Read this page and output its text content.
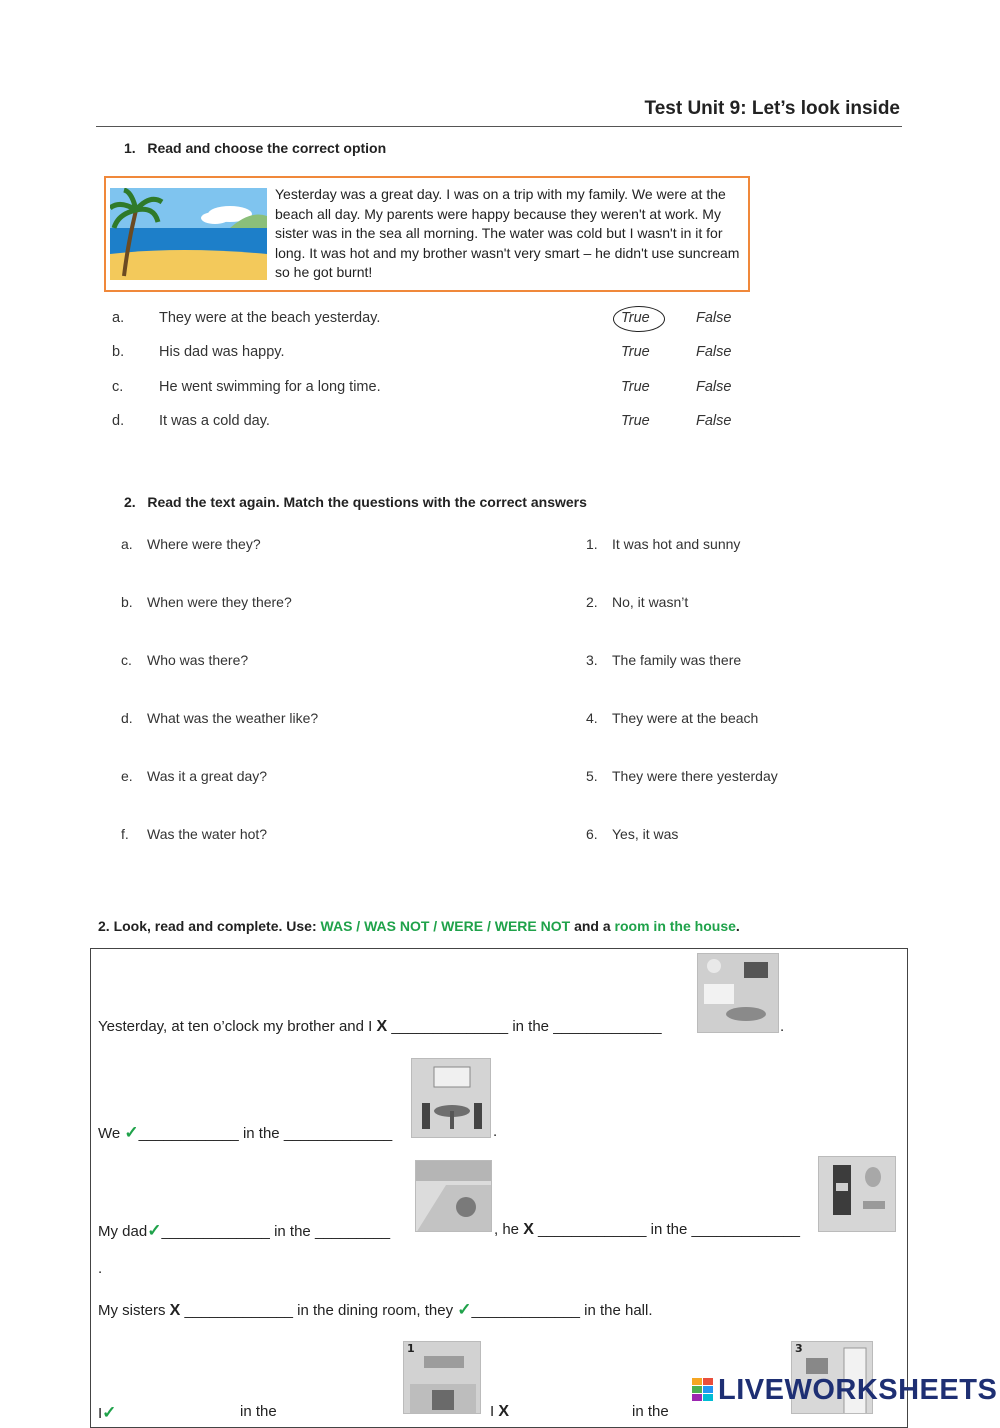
Test Unit 9: Let’s look inside
1.   Read and choose the correct option
Yesterday was a great day. I was on a trip with my family. We were at the beach all day. My parents were happy because they weren't at work. My sister was in the sea all morning. The water was cold but I wasn't in it for long. It was hot and my brother wasn't very smart – he didn't use suncream so he got burnt!
a. They were at the beach yesterday.	True	False
b. His dad was happy.	True	False
c. He went swimming for a long time.	True	False
d. It was a cold day.	True	False
2.   Read the text again. Match the questions with the correct answers
a. Where were they?	1. It was hot and sunny
b. When were they there?	2. No, it wasn’t
c. Who was there?	3. The family was there
d. What was the weather like?	4. They were at the beach
e. Was it a great day?	5. They were there yesterday
f. Was the water hot?	6. Yes, it was
2. Look, read and complete. Use: WAS / WAS NOT / WERE / WERE NOT and a room in the house.
Yesterday, at ten o’clock my brother and I X ______________ in the _____________	.
We ✓____________ in the _____________	.
My dad✓_____________ in the _________	, he X _____________ in the _____________
.
My sisters X _____________ in the dining room, they ✓_____________ in the hall.
1	3
I✓	in the	I X	in the
LIVEWORKSHEETS
